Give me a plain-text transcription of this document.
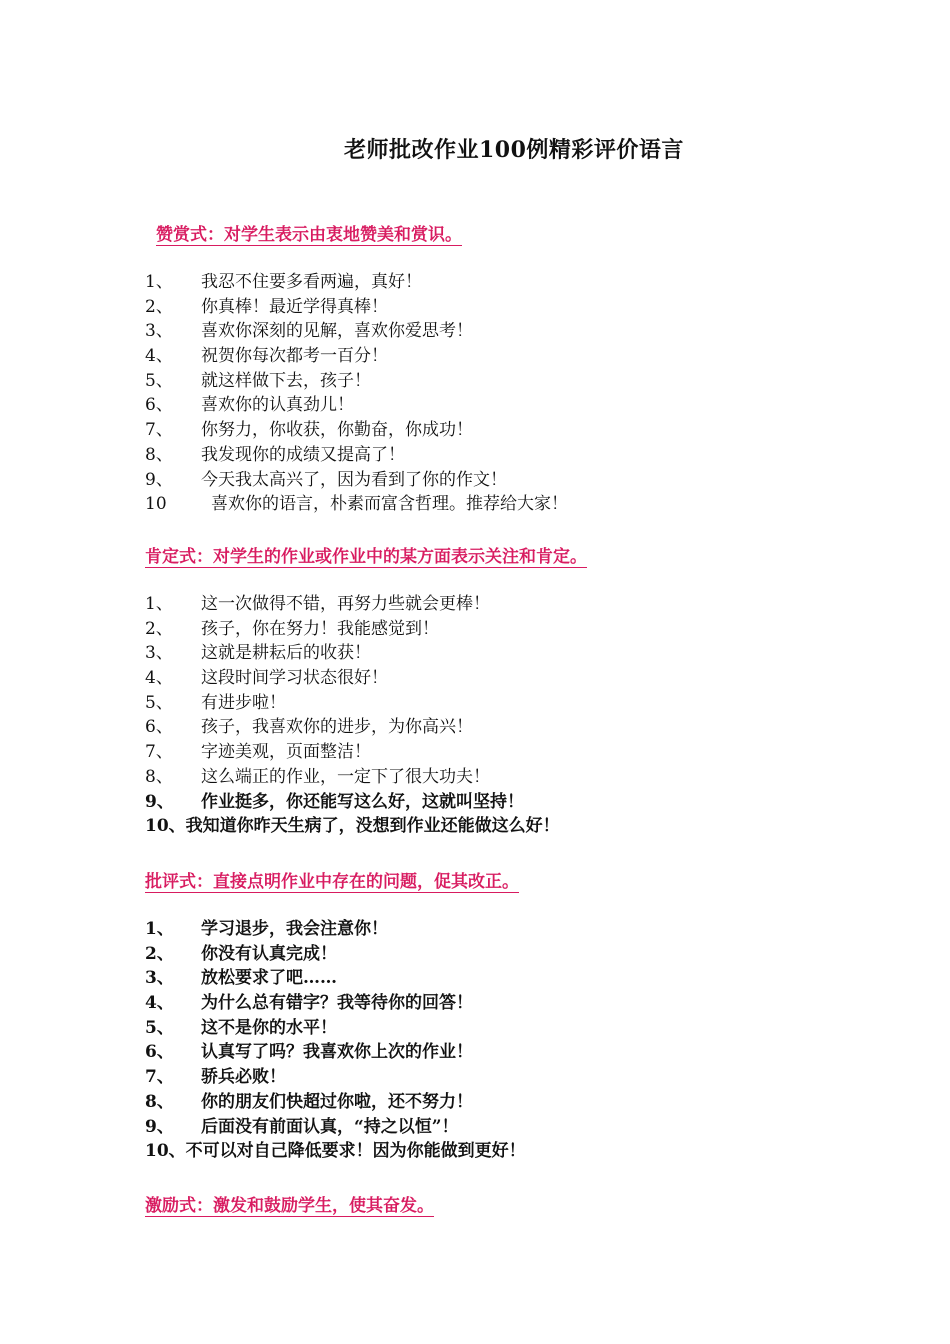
老师批改作业100例精彩评价语言
赞赏式：对学生表示由衷地赞美和赏识。
1、	我忍不住要多看两遍，真好！
2、	你真棒！最近学得真棒！
3、	喜欢你深刻的见解，喜欢你爱思考！
4、	祝贺你每次都考一百分！
5、	就这样做下去，孩子！
6、	喜欢你的认真劲儿！
7、	你努力，你收获，你勤奋，你成功！
8、	我发现你的成绩又提高了！
9、	今天我太高兴了，因为看到了你的作文！
10	喜欢你的语言，朴素而富含哲理。推荐给大家！
肯定式：对学生的作业或作业中的某方面表示关注和肯定。
1、	这一次做得不错，再努力些就会更棒！
2、	孩子，你在努力！我能感觉到！
3、	这就是耕耘后的收获！
4、	这段时间学习状态很好！
5、	有进步啦！
6、	孩子，我喜欢你的进步，为你高兴！
7、	字迹美观，页面整洁！
8、	这么端正的作业，一定下了很大功夫！
9、	作业挺多，你还能写这么好，这就叫坚持！
10、 我知道你昨天生病了，没想到作业还能做这么好！
批评式：直接点明作业中存在的问题，促其改正。
1、	学习退步，我会注意你！
2、	你没有认真完成！
3、	放松要求了吧……
4、	为什么总有错字？我等待你的回答！
5、	这不是你的水平！
6、	认真写了吗？我喜欢你上次的作业！
7、	骄兵必败！
8、	你的朋友们快超过你啦，还不努力！
9、	后面没有前面认真，“持之以恒”！
10、 不可以对自己降低要求！因为你能做到更好！
激励式：激发和鼓励学生，使其奋发。
